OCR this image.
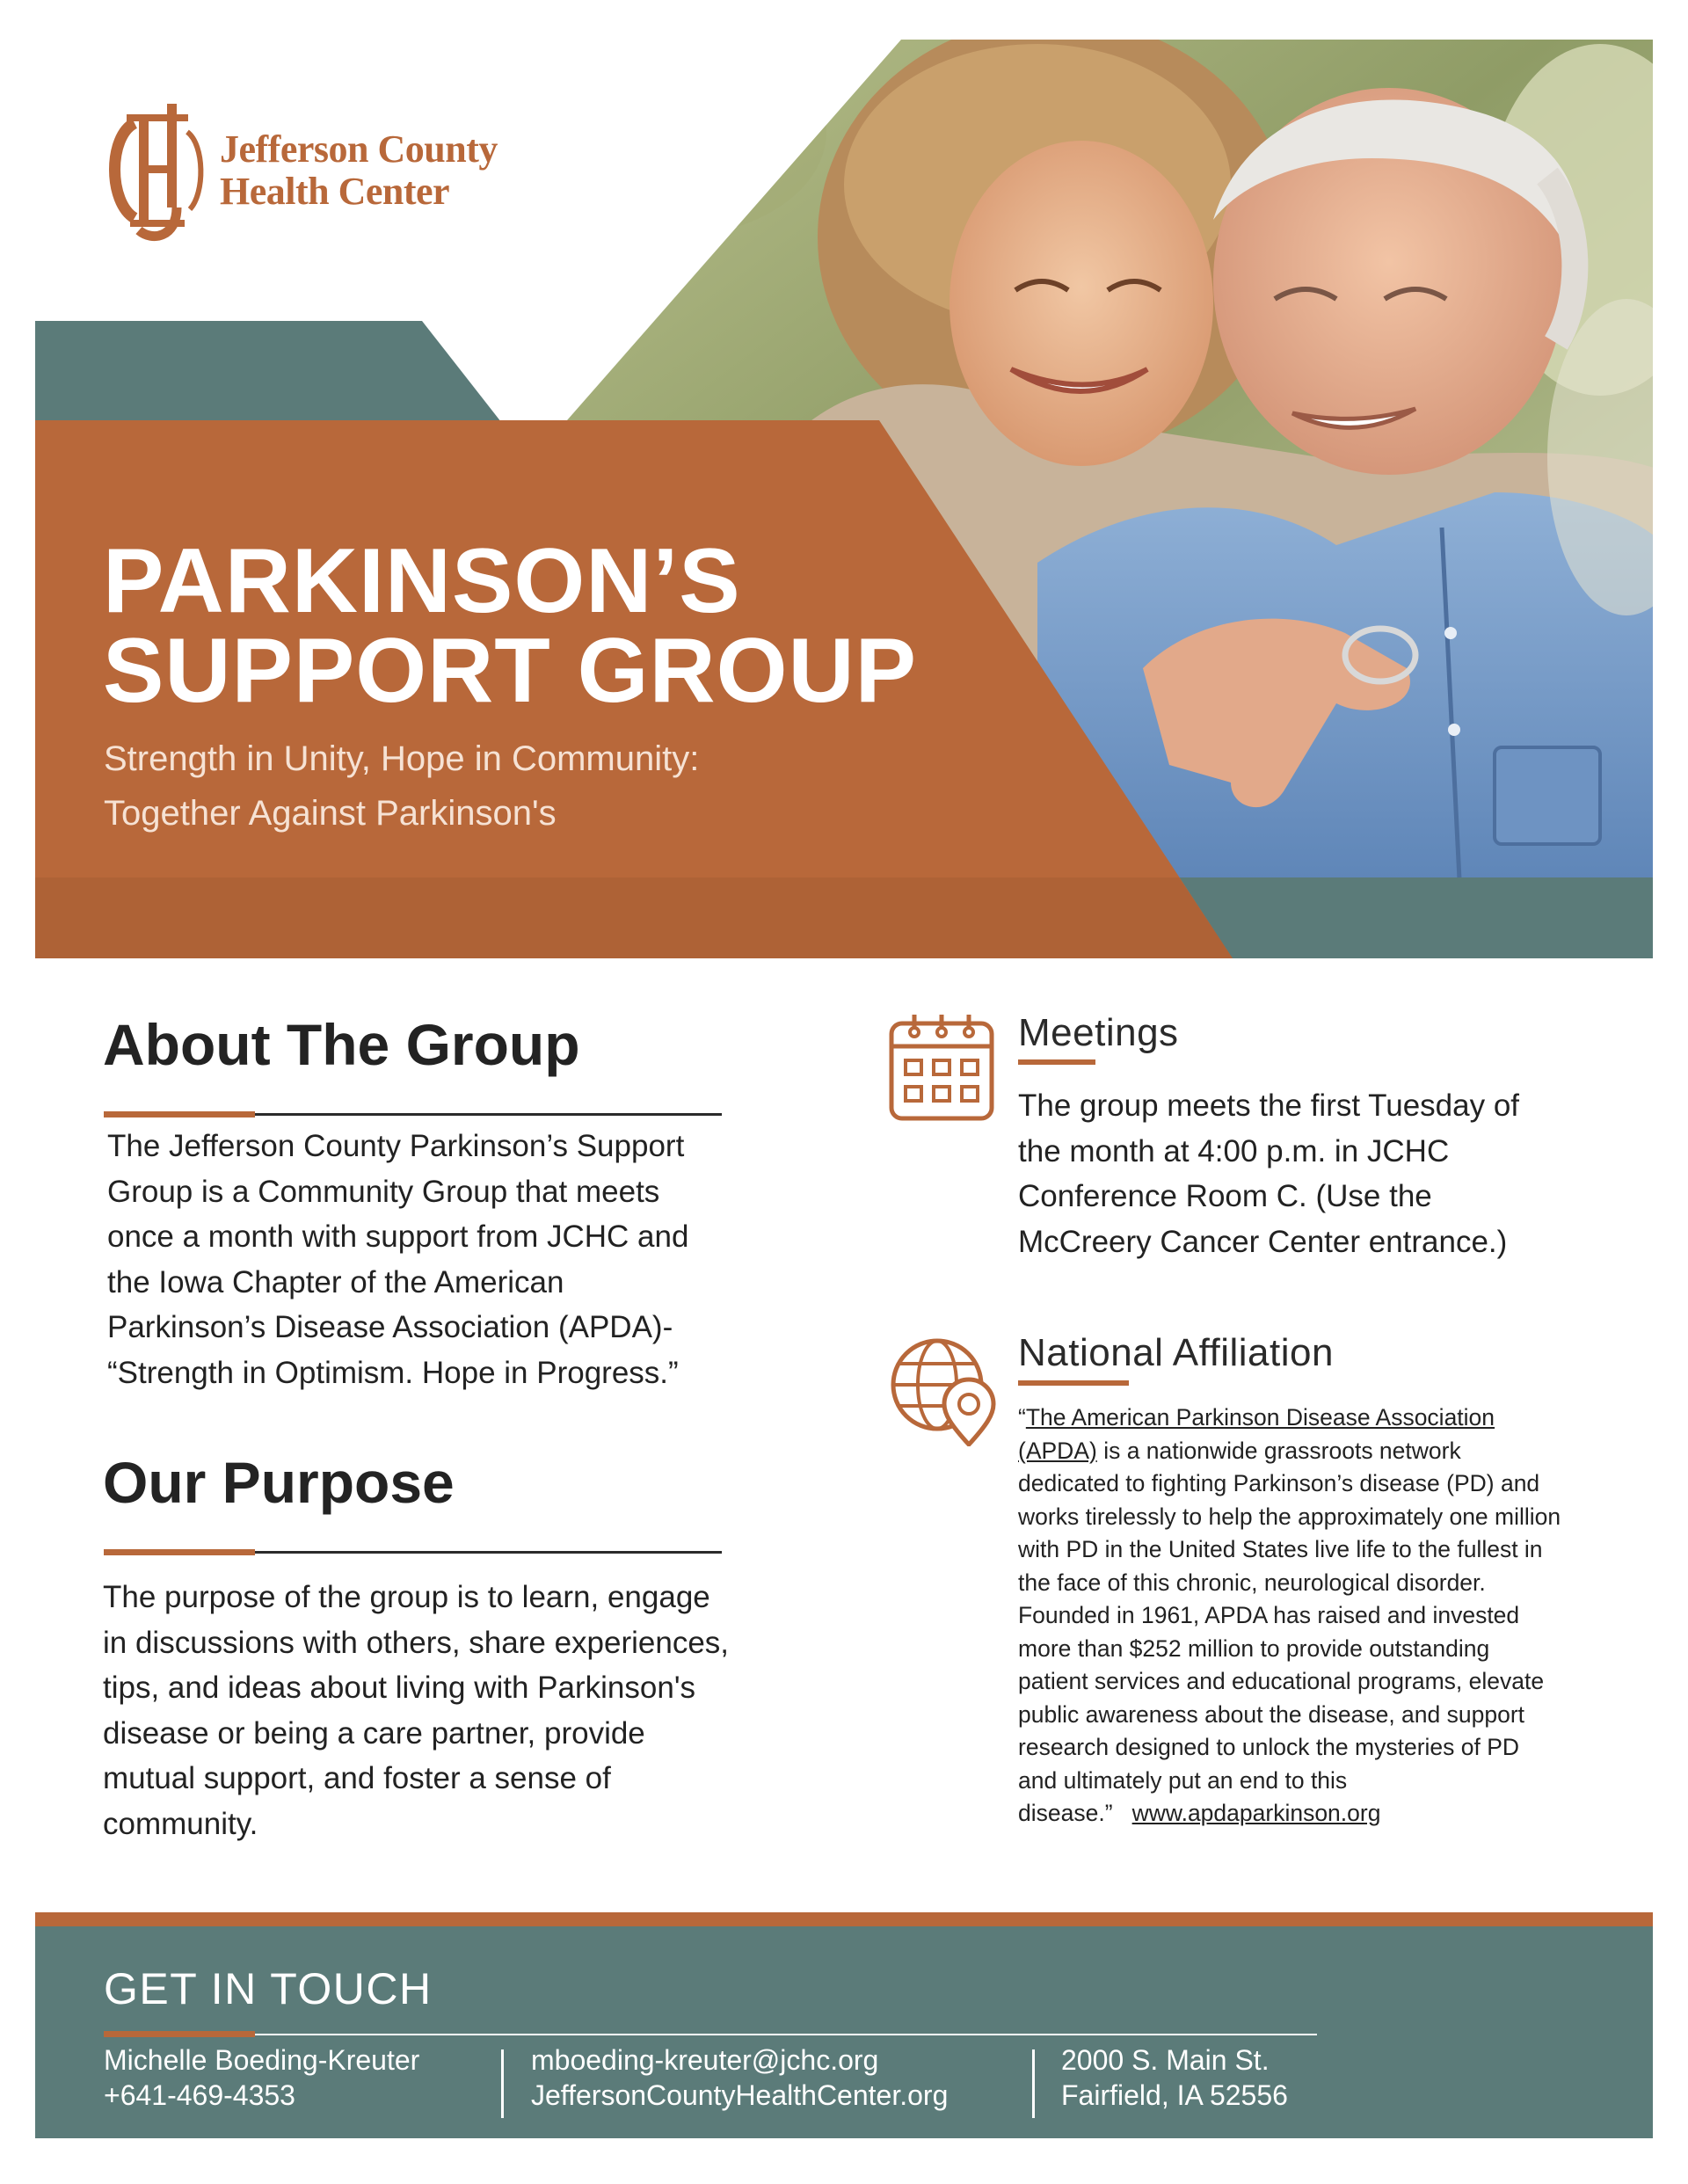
Jefferson County
Health Center
PARKINSON’S
SUPPORT GROUP
Strength in Unity, Hope in Community:
Together Against Parkinson's
About The Group
The Jefferson County Parkinson’s Support
Group is a Community Group that meets
once a month with support from JCHC and
the Iowa Chapter of the American
Parkinson’s Disease Association (APDA)-
“Strength in Optimism. Hope in Progress.”
Our Purpose
The purpose of the group is to learn, engage
in discussions with others, share experiences,
tips, and ideas about living with Parkinson's
disease or being a care partner, provide
mutual support, and foster a sense of
community.
Meetings
The group meets the first Tuesday of
the month at 4:00 p.m. in JCHC
Conference Room C. (Use the
McCreery Cancer Center entrance.)
National Affiliation
“The American Parkinson Disease Association (APDA) is a nationwide grassroots network dedicated to fighting Parkinson’s disease (PD) and works tirelessly to help the approximately one million with PD in the United States live life to the fullest in the face of this chronic, neurological disorder. Founded in 1961, APDA has raised and invested more than $252 million to provide outstanding patient services and educational programs, elevate public awareness about the disease, and support research designed to unlock the mysteries of PD and ultimately put an end to this disease.” www.apdaparkinson.org
GET IN TOUCH
Michelle Boeding-Kreuter
+641-469-4353
mboeding-kreuter@jchc.org
JeffersonCountyHealthCenter.org
2000 S. Main St.
Fairfield, IA 52556
